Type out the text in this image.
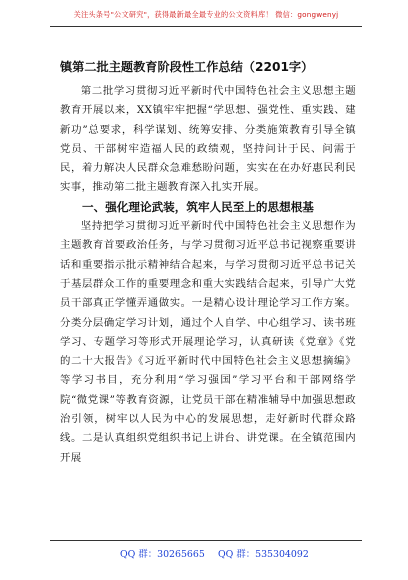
关注头条号"公文研究"，获得最新最全最专业的公文资料库！ 微信：gongwenyj
镇第二批主题教育阶段性工作总结（2201字）

第二批学习贯彻习近平新时代中国特色社会主义思想主题教育开展以来，XX镇牢牢把握“学思想、强党性、重实践、建新功”总要求，科学谋划、统筹安排、分类施策教育引导全镇党员、干部树牢造福人民的政绩观，坚持问计于民、问需于民，着力解决人民群众急难愁盼问题，实实在在办好惠民利民实事，推动第二批主题教育深入扎实开展。

一、强化理论武装，筑牢人民至上的思想根基

坚持把学习贯彻习近平新时代中国特色社会主义思想作为主题教育首要政治任务，与学习贯彻习近平总书记视察重要讲话和重要指示批示精神结合起来，与学习贯彻习近平总书记关于基层群众工作的重要理念和重大实践结合起来，引导广大党员干部真正学懂弄通做实。一是精心设计理论学习工作方案。分类分层确定学习计划，通过个人自学、中心组学习、读书班学习、专题学习等形式开展理论学习，认真研读《党章》《党的二十大报告》《习近平新时代中国特色社会主义思想摘编》等学习书目，充分利用“学习强国”学习平台和干部网络学院“微党课”等教育资源，让党员干部在精准辅导中加强思想政治引领，树牢以人民为中心的发展思想，走好新时代群众路线。二是认真组织党组织书记上讲台、讲党课。在全镇范围内开展

QQ 群：30265665 QQ 群：535304092
